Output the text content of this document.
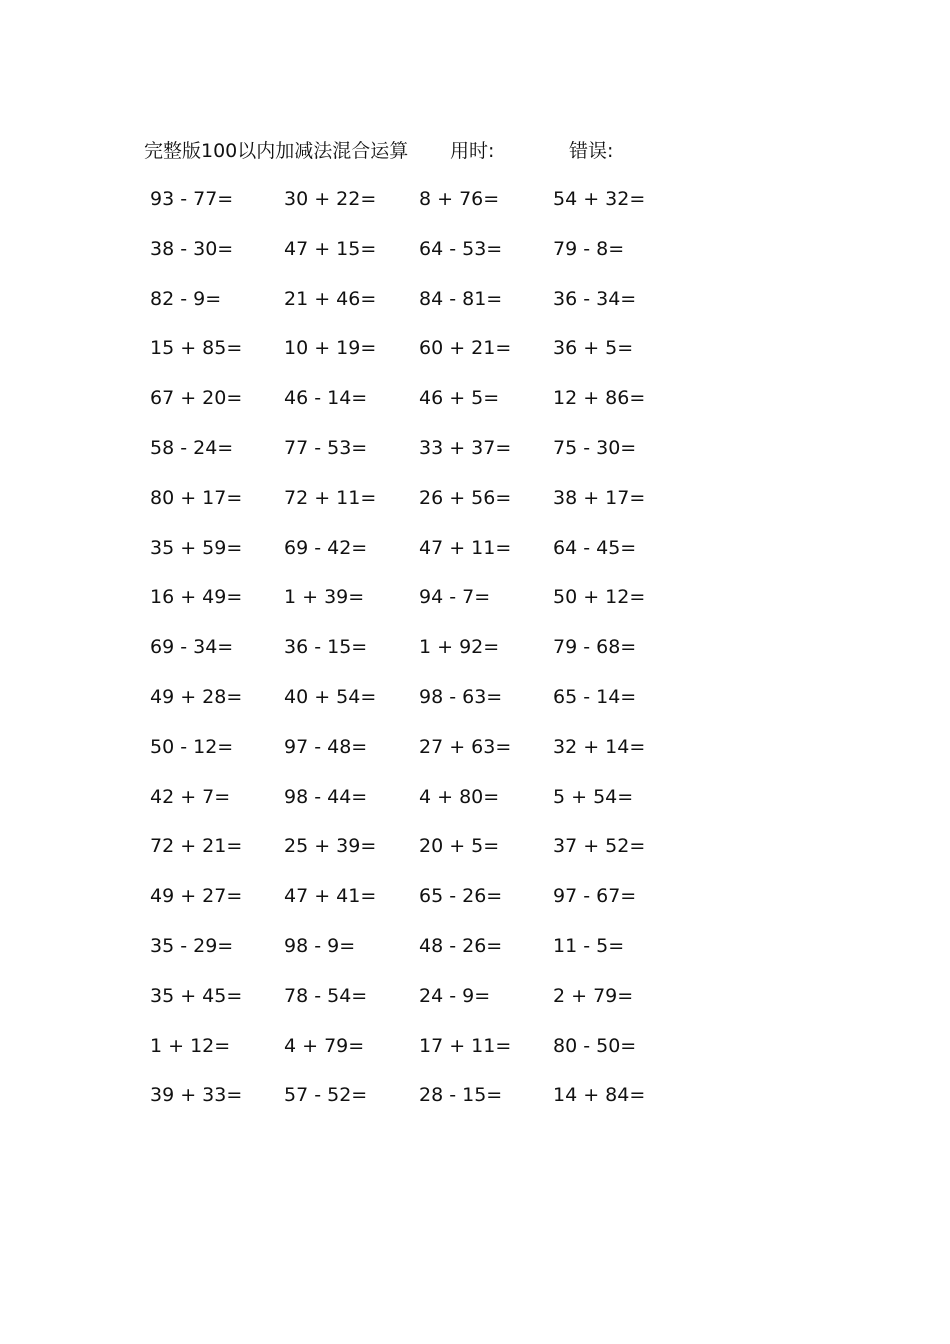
完整版100以内加减法混合运算 用时:	错误:
93 - 77=	30 + 22= 8 + 76=	54 + 32=
38 - 30=	47 + 15= 64 - 53=	79 - 8=
82 - 9=	21 + 46= 84 - 81=	36 - 34=
15 + 85= 10 + 19= 60 + 21= 36 + 5=
67 + 20= 46 - 14=	46 + 5=	12 + 86=
58 - 24=	77 - 53=	33 + 37= 75 - 30=
80 + 17= 72 + 11= 26 + 56= 38 + 17=
35 + 59= 69 - 42=	47 + 11= 64 - 45=
16 + 49= 1 + 39=	94 - 7=	50 + 12=
69 - 34=	36 - 15=	1 + 92=	79 - 68=
49 + 28= 40 + 54= 98 - 63=	65 - 14=
50 - 12=	97 - 48=	27 + 63= 32 + 14=
42 + 7=	98 - 44=	4 + 80=	5 + 54=
72 + 21= 25 + 39= 20 + 5=	37 + 52=
49 + 27= 47 + 41= 65 - 26=	97 - 67=
35 - 29=	98 - 9=	48 - 26=	11 - 5=
35 + 45= 78 - 54=	24 - 9=	2 + 79=
1 + 12=	4 + 79=	17 + 11= 80 - 50=
39 + 33= 57 - 52=	28 - 15=	14 + 84=
